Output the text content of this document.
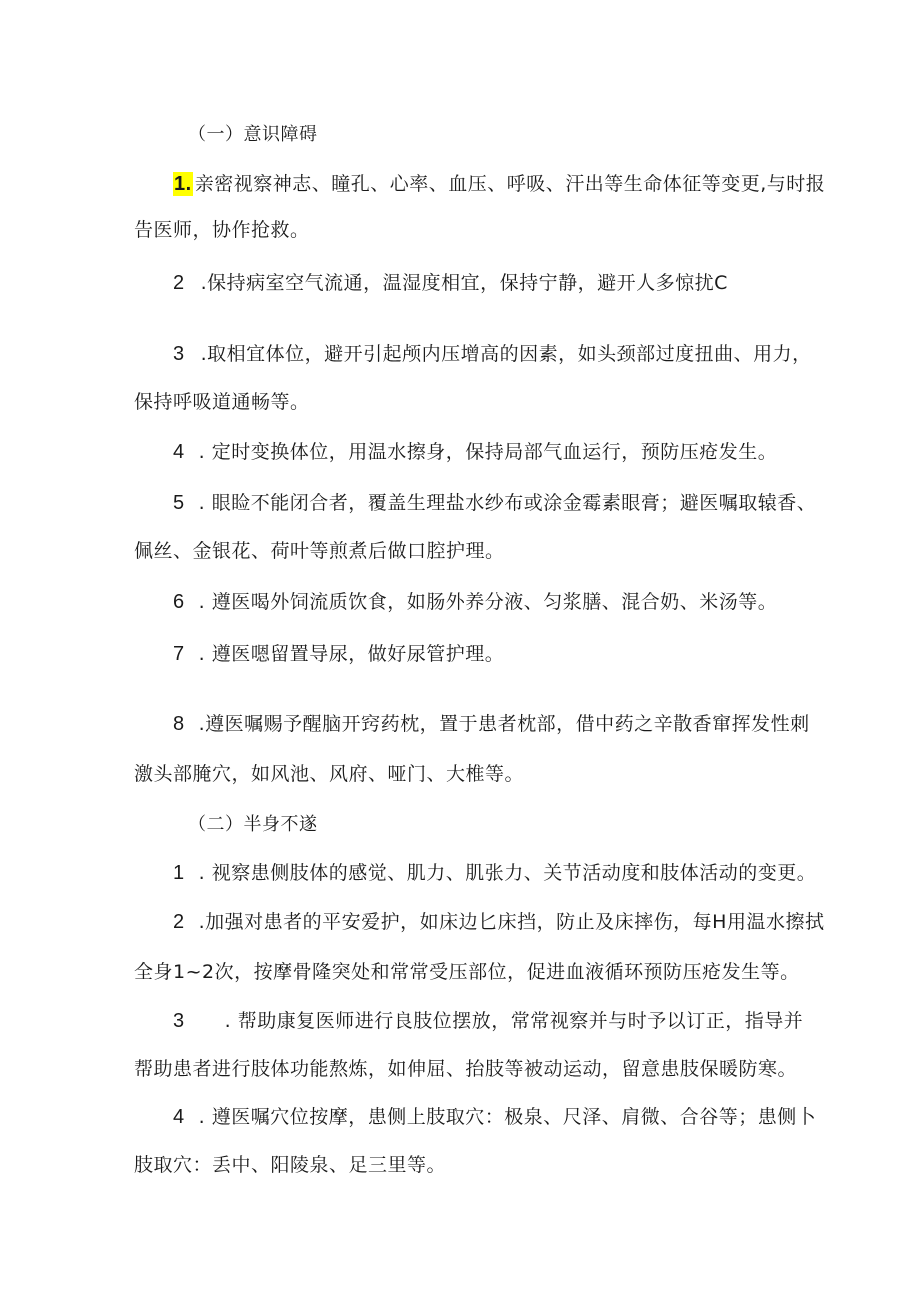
（一）意识障碍
1. 亲密视察神志、瞳孔、心率、血压、呼吸、汗出等生命体征等变更,与时报
告医师，协作抢救。
2 .保持病室空气流通，温湿度相宜，保持宁静，避开人多惊扰C
3 .取相宜体位，避开引起颅内压增高的因素，如头颈部过度扭曲、用力，
保持呼吸道通畅等。
4 . 定时变换体位，用温水擦身，保持局部气血运行，预防压疮发生。
5 . 眼睑不能闭合者，覆盖生理盐水纱布或涂金霉素眼膏；避医嘱取辕香、
佩丝、金银花、荷叶等煎煮后做口腔护理。
6 . 遵医喝外饲流质饮食，如肠外养分液、匀浆膳、混合奶、米汤等。
7 . 遵医嗯留置导尿，做好尿管护理。
8 .遵医嘱赐予醒脑开窍药枕，置于患者枕部，借中药之辛散香窜挥发性刺
激头部腌穴，如风池、风府、哑门、大椎等。
（二）半身不遂
1 . 视察患侧肢体的感觉、肌力、肌张力、关节活动度和肢体活动的变更。
2 .加强对患者的平安爱护，如床边匕床挡，防止及床摔伤，每H用温水擦拭
全身1~2次，按摩骨隆突处和常常受压部位，促进血液循环预防压疮发生等。
3 . 帮助康复医师进行良肢位摆放，常常视察并与时予以订正，指导并
帮助患者进行肢体功能熬炼，如伸屈、抬肢等被动运动，留意患肢保暖防寒。
4 . 遵医嘱穴位按摩，患侧上肢取穴：极泉、尺泽、肩微、合谷等；患侧卜
肢取穴：丢中、阳陵泉、足三里等。
